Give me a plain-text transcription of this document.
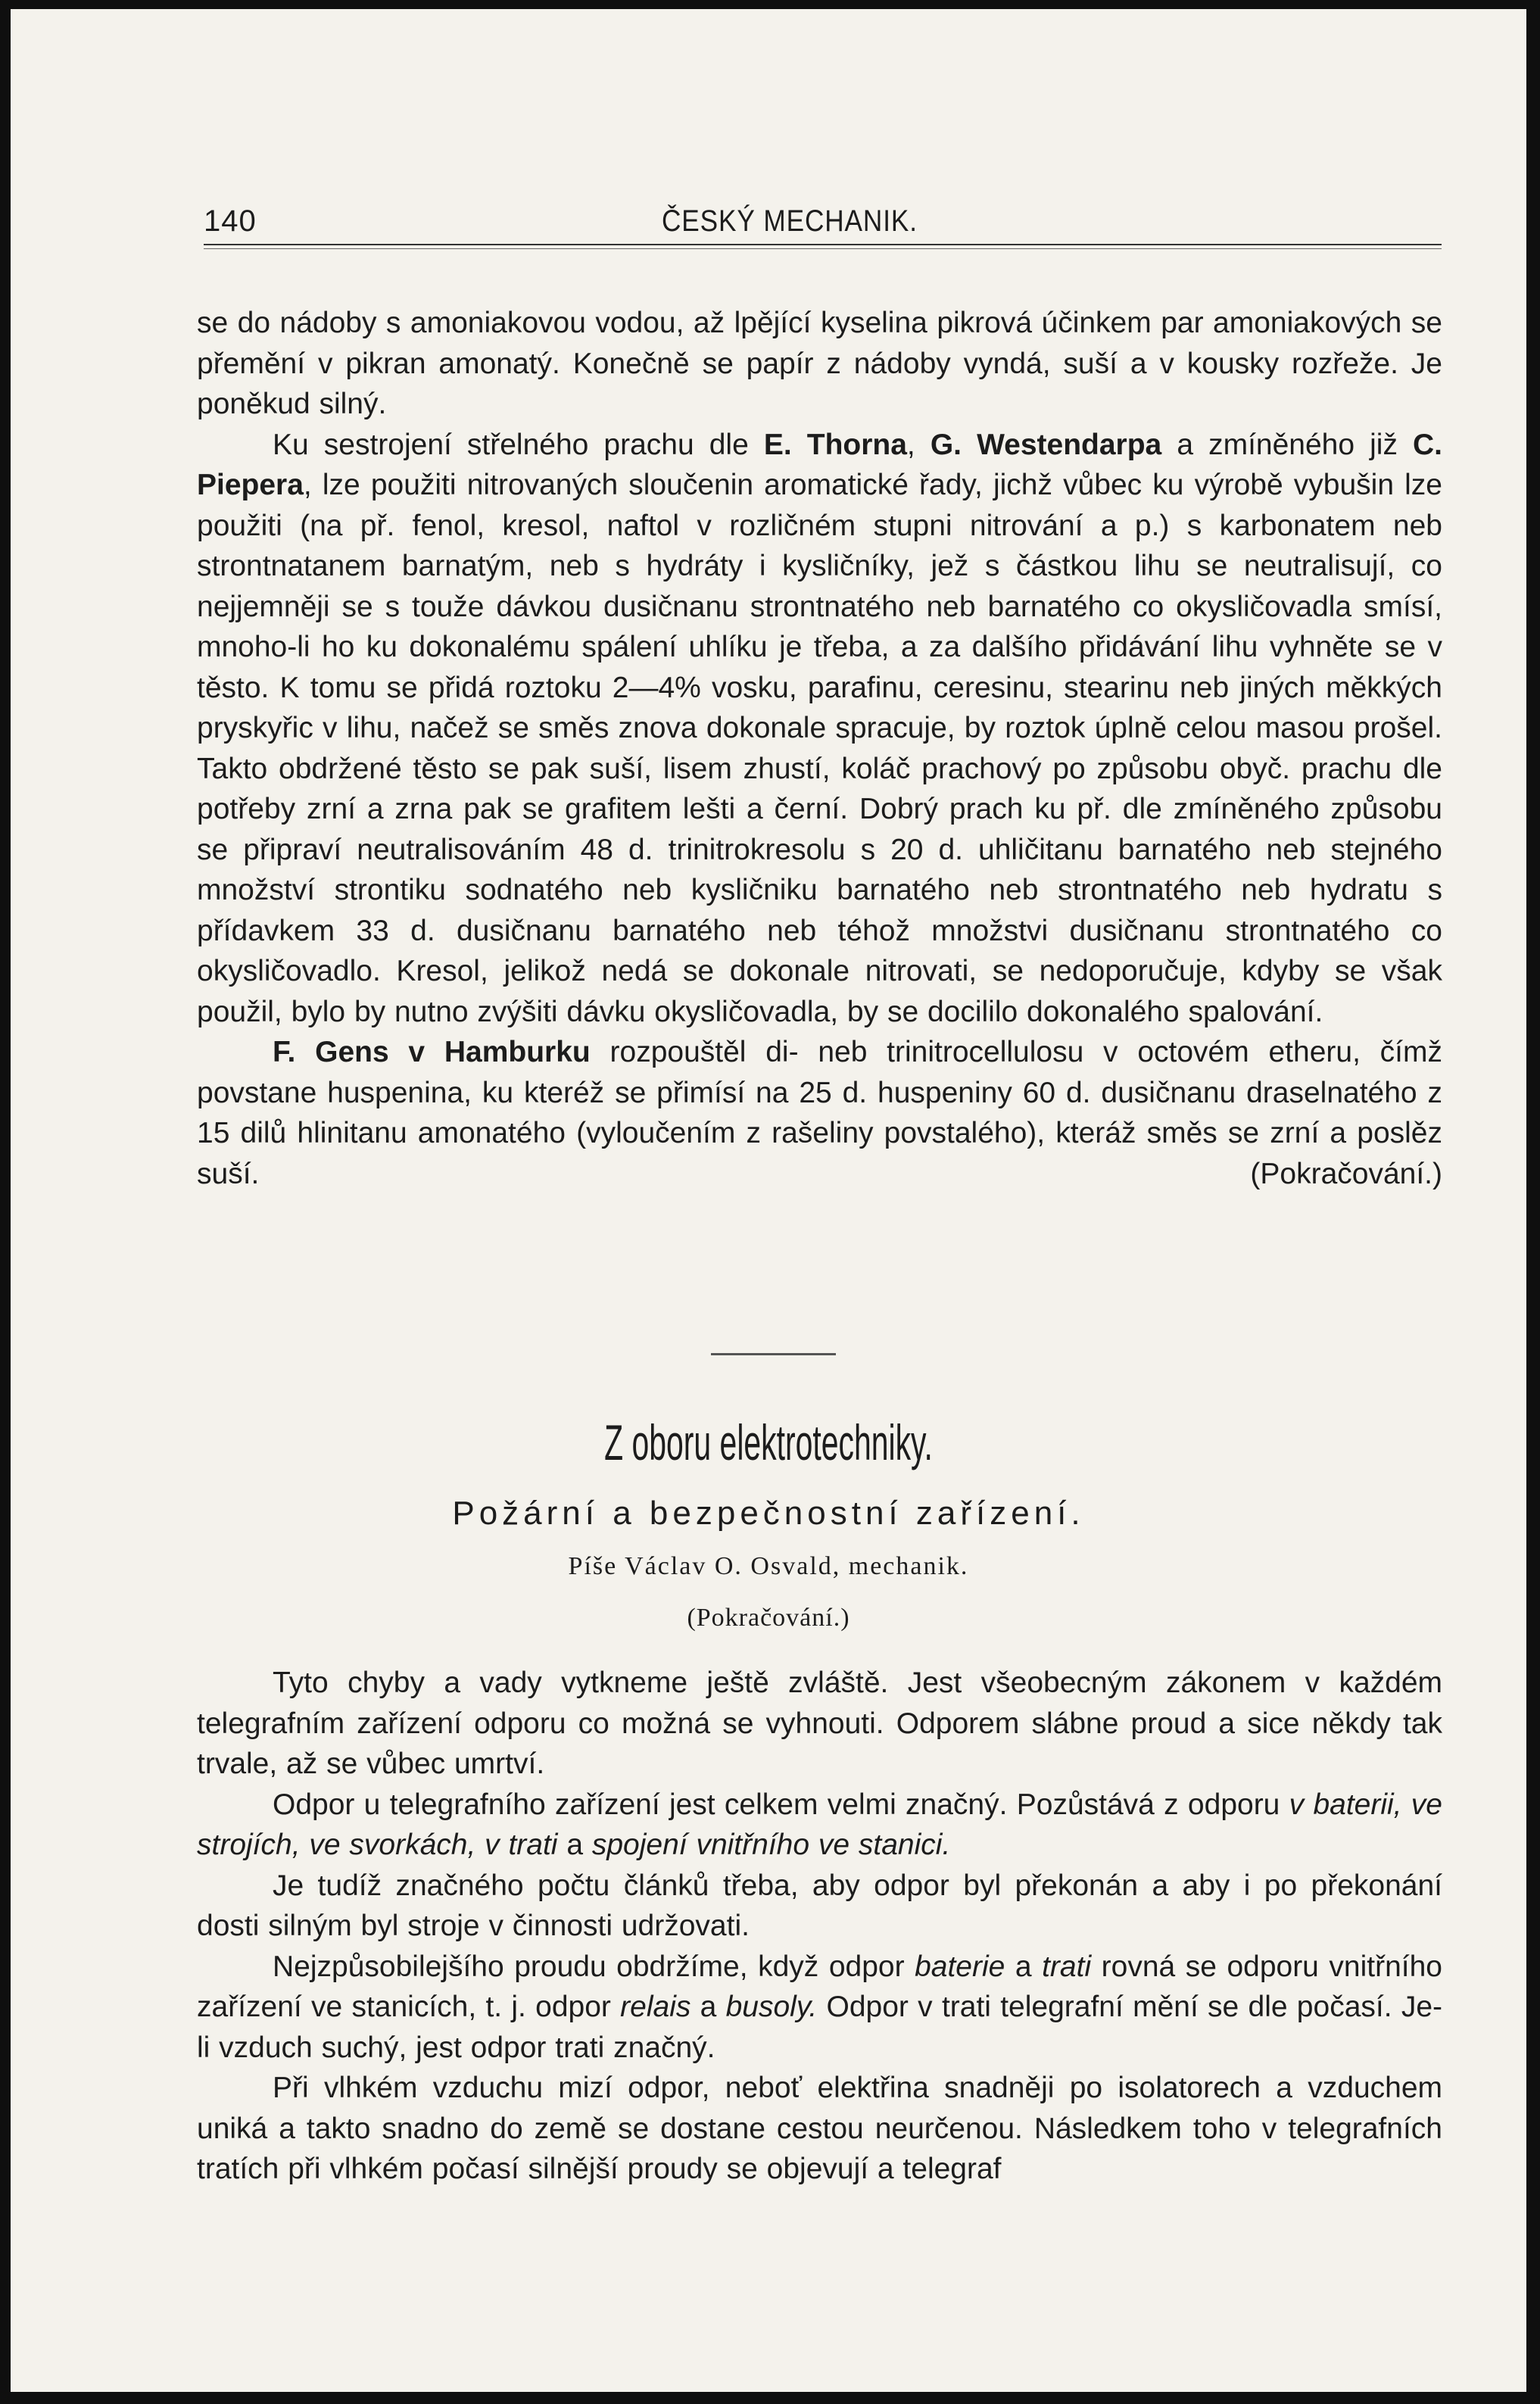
140	ČESKÝ MECHANIK.

se do nádoby s amoniakovou vodou, až lpějící kyselina pikrová účinkem par amoniakových se přemění v pikran amonatý. Konečně se papír z nádoby vyndá, suší a v kousky rozřeže. Je poněkud silný.

Ku sestrojení střelného prachu dle E. Thorna, G. Westendarpa a zmíněného již C. Piepera, lze použiti nitrovaných sloučenin aromatické řady, jichž vůbec ku výrobě vybušin lze použiti (na př. fenol, kresol, naftol v rozličném stupni nitrování a p.) s karbonatem neb strontnatanem barnatým, neb s hydráty i kysličníky, jež s částkou lihu se neutralisují, co nejjemněji se s touže dávkou dusičnanu strontnatého neb barnatého co okysličovadla smísí, mnoho-li ho ku dokonalému spálení uhlíku je třeba, a za dalšího přidávání lihu vyhněte se v těsto. K tomu se přidá roztoku 2—4% vosku, parafinu, ceresinu, stearinu neb jiných měkkých pryskyřic v lihu, načež se směs znova dokonale spracuje, by roztok úplně celou masou prošel. Takto obdržené těsto se pak suší, lisem zhustí, koláč prachový po způsobu obyč. prachu dle potřeby zrní a zrna pak se grafitem lešti a černí. Dobrý prach ku př. dle zmíněného způsobu se připraví neutralisováním 48 d. trinitrokresolu s 20 d. uhličitanu barnatého neb stejného množství strontiku sodnatého neb kysličniku barnatého neb strontnatého neb hydratu s přídavkem 33 d. dusičnanu barnatého neb téhož množstvi dusičnanu strontnatého co okysličovadlo. Kresol, jelikož nedá se dokonale nitrovati, se nedoporučuje, kdyby se však použil, bylo by nutno zvýšiti dávku okysličovadla, by se docililo dokonalého spalování.

F. Gens v Hamburku rozpouštěl di- neb trinitrocellulosu v octovém etheru, čímž povstane huspenina, ku kteréž se přimísí na 25 d. huspeniny 60 d. dusičnanu draselnatého z 15 dilů hlinitanu amonatého (vyloučením z rašeliny povstalého), kteráž směs se zrní a poslěz suší.	(Pokračování.)

Z oboru elektrotechniky.
Požární a bezpečnostní zařízení.
Píše Václav O. Osvald, mechanik.
(Pokračování.)

Tyto chyby a vady vytkneme ještě zvláště. Jest všeobecným zákonem v každém telegrafním zařízení odporu co možná se vyhnouti. Odporem slábne proud a sice někdy tak trvale, až se vůbec umrtví.

Odpor u telegrafního zařízení jest celkem velmi značný. Pozůstává z odporu v baterii, ve strojích, ve svorkách, v trati a spojení vnitřního ve stanici.

Je tudíž značného počtu článků třeba, aby odpor byl překonán a aby i po překonání dosti silným byl stroje v činnosti udržovati.

Nejzpůsobilejšího proudu obdržíme, když odpor baterie a trati rovná se odporu vnitřního zařízení ve stanicích, t. j. odpor relais a busoly. Odpor v trati telegrafní mění se dle počasí. Je-li vzduch suchý, jest odpor trati značný.

Při vlhkém vzduchu mizí odpor, neboť elektřina snadněji po isolatorech a vzduchem uniká a takto snadno do země se dostane cestou neurčenou. Následkem toho v telegrafních tratích při vlhkém počasí silnější proudy se objevují a telegraf
